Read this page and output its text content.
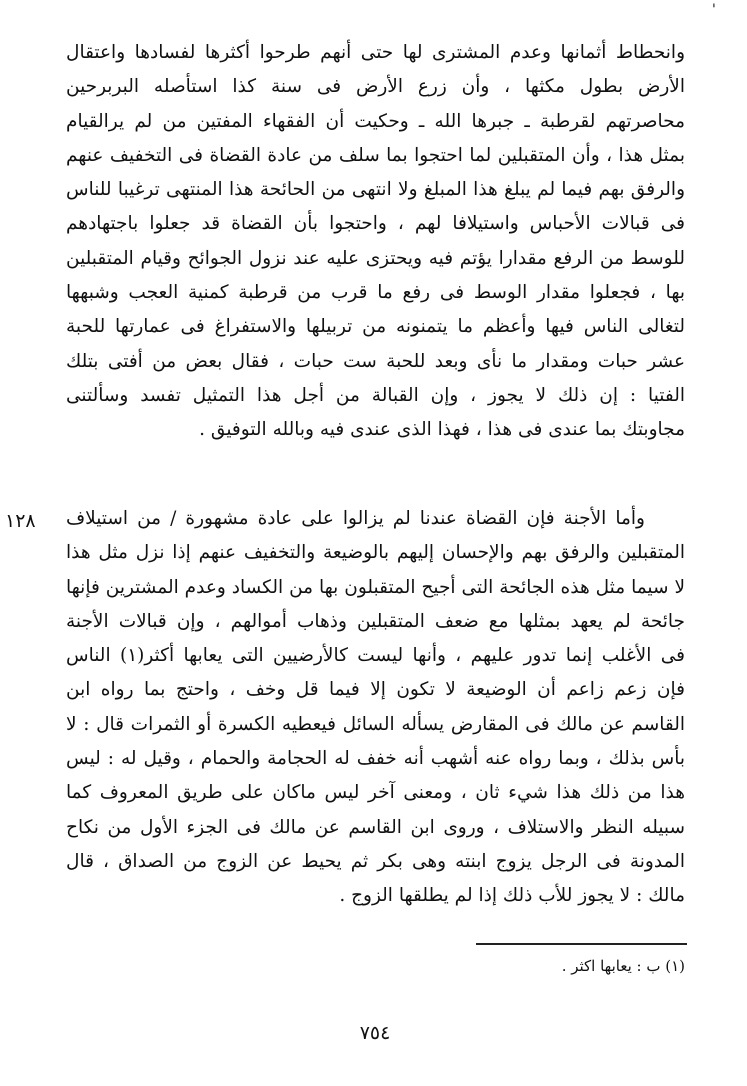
'
وانحطاط أثمانها وعدم المشترى لها حتى أنهم طرحوا أكثرها لفسادها واعتقال
الأرض بطول مكثها ، وأن زرع الأرض فى سنة كذا استأصله البربرحين
محاصرتهم لقرطبة ـ جبرها الله ـ وحكيت أن الفقهاء المفتين من لم يرالقيام
بمثل هذا ، وأن المتقبلين لما احتجوا بما سلف من عادة القضاة فى التخفيف عنهم
والرفق بهم فيما لم يبلغ هذا المبلغ ولا انتهى من الحائحة هذا المنتهى ترغيبا للناس
فى قبالات الأحباس واستيلافا لهم ، واحتجوا بأن القضاة قد جعلوا باجتهادهم
للوسط من الرفع مقدارا يؤتم فيه ويحتزى عليه عند نزول الجوائح وقيام المتقبلين
بها ، فجعلوا مقدار الوسط فى رفع ما قرب من قرطبة كمنية العجب وشبهها
لتغالى الناس فيها وأعظم ما يتمنونه من تربيلها والاستفراغ فى عمارتها للحبة
عشر حبات ومقدار ما نأى وبعد للحبة ست حبات ، فقال بعض من أفتى بتلك
الفتيا : إن ذلك لا يجوز ، وإن القبالة من أجل هذا التمثيل تفسد وسألتنى
مجاوبتك بما عندى فى هذا ، فهذا الذى عندى فيه وبالله التوفيق .
١٢٨	وأما الأجنة فإن القضاة عندنا لم يزالوا على عادة مشهورة / من استيلاف
المتقبلين والرفق بهم والإحسان إليهم بالوضيعة والتخفيف عنهم إذا نزل مثل هذا
لا سيما مثل هذه الجائحة التى أجيح المتقبلون بها من الكساد وعدم المشترين فإنها
جائحة لم يعهد بمثلها مع ضعف المتقبلين وذهاب أموالهم ، وإن قبالات الأجنة
فى الأغلب إنما تدور عليهم ، وأنها ليست كالأرضيين التى يعابها أكثر(١) الناس
فإن زعم زاعم أن الوضيعة لا تكون إلا فيما قل وخف ، واحتج بما رواه ابن
القاسم عن مالك فى المقارض يسأله السائل فيعطيه الكسرة أو الثمرات قال : لا
بأس بذلك ، وبما رواه عنه أشهب أنه خفف له الحجامة والحمام ، وقيل له : ليس
هذا من ذلك هذا شيء ثان ، ومعنى آخر ليس ماكان على طريق المعروف كما
سبيله النظر والاستلاف ، وروى ابن القاسم عن مالك فى الجزء الأول من نكاح
المدونة فى الرجل يزوج ابنته وهى بكر ثم يحيط عن الزوج من الصداق ، قال
مالك : لا يجوز للأب ذلك إذا لم يطلقها الزوج .
(١) ب : يعابها اكثر .
٧٥٤
